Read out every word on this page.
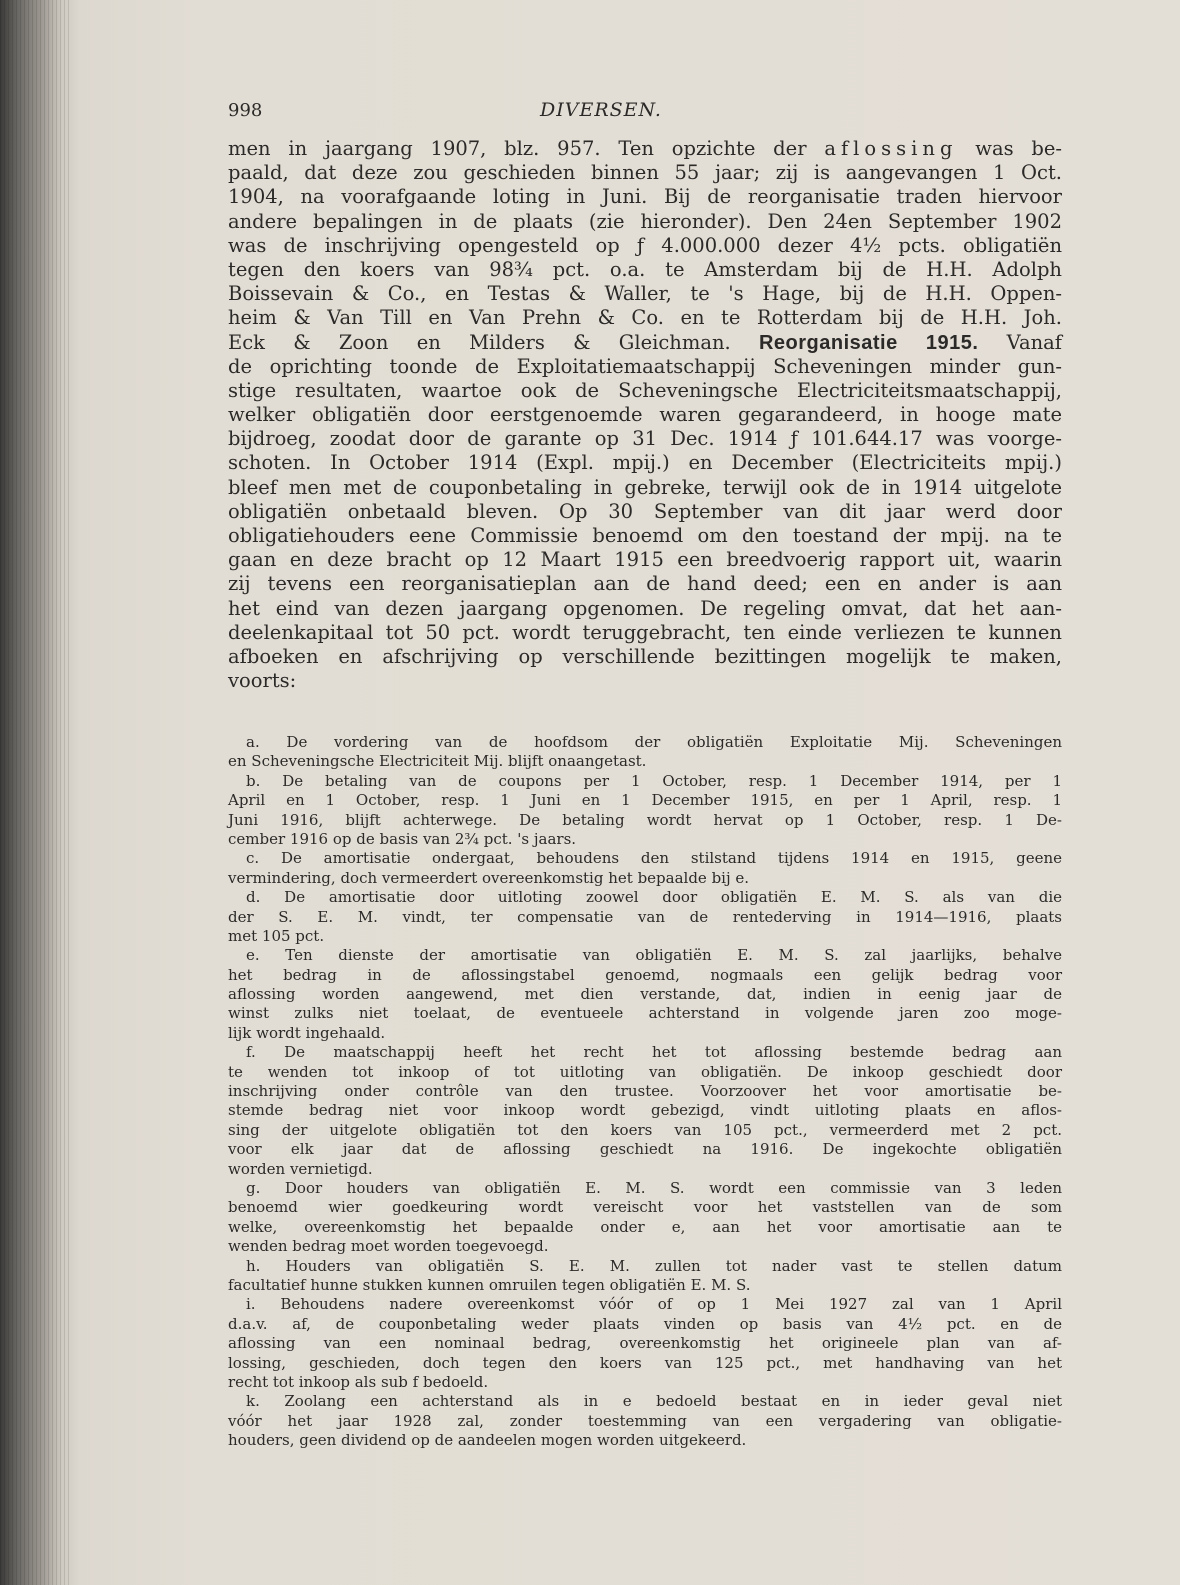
998	DIVERSEN.
men in jaargang 1907, blz. 957. Ten opzichte der aflossing was be-
paald, dat deze zou geschieden binnen 55 jaar; zij is aangevangen 1 Oct.
1904, na voorafgaande loting in Juni. Bij de reorganisatie traden hiervoor
andere bepalingen in de plaats (zie hieronder). Den 24en September 1902
was de inschrijving opengesteld op ƒ 4.000.000 dezer 4½ pcts. obligatiën
tegen den koers van 98¾ pct. o.a. te Amsterdam bij de H.H. Adolph
Boissevain & Co., en Testas & Waller, te 's Hage, bij de H.H. Oppen-
heim & Van Till en Van Prehn & Co. en te Rotterdam bij de H.H. Joh.
Eck & Zoon en Milders & Gleichman. Reorganisatie 1915. Vanaf
de oprichting toonde de Exploitatiemaatschappij Scheveningen minder gun-
stige resultaten, waartoe ook de Scheveningsche Electriciteitsmaatschappij,
welker obligatiën door eerstgenoemde waren gegarandeerd, in hooge mate
bijdroeg, zoodat door de garante op 31 Dec. 1914 ƒ 101.644.17 was voorge-
schoten. In October 1914 (Expl. mpij.) en December (Electriciteits mpij.)
bleef men met de couponbetaling in gebreke, terwijl ook de in 1914 uitgelote
obligatiën onbetaald bleven. Op 30 September van dit jaar werd door
obligatiehouders eene Commissie benoemd om den toestand der mpij. na te
gaan en deze bracht op 12 Maart 1915 een breedvoerig rapport uit, waarin
zij tevens een reorganisatieplan aan de hand deed; een en ander is aan
het eind van dezen jaargang opgenomen. De regeling omvat, dat het aan-
deelenkapitaal tot 50 pct. wordt teruggebracht, ten einde verliezen te kunnen
afboeken en afschrijving op verschillende bezittingen mogelijk te maken,
voorts:
a. De vordering van de hoofdsom der obligatiën Exploitatie Mij. Scheveningen
en Scheveningsche Electriciteit Mij. blijft onaangetast.
b. De betaling van de coupons per 1 October, resp. 1 December 1914, per 1
April en 1 October, resp. 1 Juni en 1 December 1915, en per 1 April, resp. 1
Juni 1916, blijft achterwege. De betaling wordt hervat op 1 October, resp. 1 De-
cember 1916 op de basis van 2¾ pct. 's jaars.
c. De amortisatie ondergaat, behoudens den stilstand tijdens 1914 en 1915, geene
vermindering, doch vermeerdert overeenkomstig het bepaalde bij e.
d. De amortisatie door uitloting zoowel door obligatiën E. M. S. als van die
der S. E. M. vindt, ter compensatie van de rentederving in 1914—1916, plaats
met 105 pct.
e. Ten dienste der amortisatie van obligatiën E. M. S. zal jaarlijks, behalve
het bedrag in de aflossingstabel genoemd, nogmaals een gelijk bedrag voor
aflossing worden aangewend, met dien verstande, dat, indien in eenig jaar de
winst zulks niet toelaat, de eventueele achterstand in volgende jaren zoo moge-
lijk wordt ingehaald.
f. De maatschappij heeft het recht het tot aflossing bestemde bedrag aan
te wenden tot inkoop of tot uitloting van obligatiën. De inkoop geschiedt door
inschrijving onder contrôle van den trustee. Voorzoover het voor amortisatie be-
stemde bedrag niet voor inkoop wordt gebezigd, vindt uitloting plaats en aflos-
sing der uitgelote obligatiën tot den koers van 105 pct., vermeerderd met 2 pct.
voor elk jaar dat de aflossing geschiedt na 1916. De ingekochte obligatiën
worden vernietigd.
g. Door houders van obligatiën E. M. S. wordt een commissie van 3 leden
benoemd wier goedkeuring wordt vereischt voor het vaststellen van de som
welke, overeenkomstig het bepaalde onder e, aan het voor amortisatie aan te
wenden bedrag moet worden toegevoegd.
h. Houders van obligatiën S. E. M. zullen tot nader vast te stellen datum
facultatief hunne stukken kunnen omruilen tegen obligatiën E. M. S.
i. Behoudens nadere overeenkomst vóór of op 1 Mei 1927 zal van 1 April
d.a.v. af, de couponbetaling weder plaats vinden op basis van 4½ pct. en de
aflossing van een nominaal bedrag, overeenkomstig het origineele plan van af-
lossing, geschieden, doch tegen den koers van 125 pct., met handhaving van het
recht tot inkoop als sub f bedoeld.
k. Zoolang een achterstand als in e bedoeld bestaat en in ieder geval niet
vóór het jaar 1928 zal, zonder toestemming van een vergadering van obligatie-
houders, geen dividend op de aandeelen mogen worden uitgekeerd.
